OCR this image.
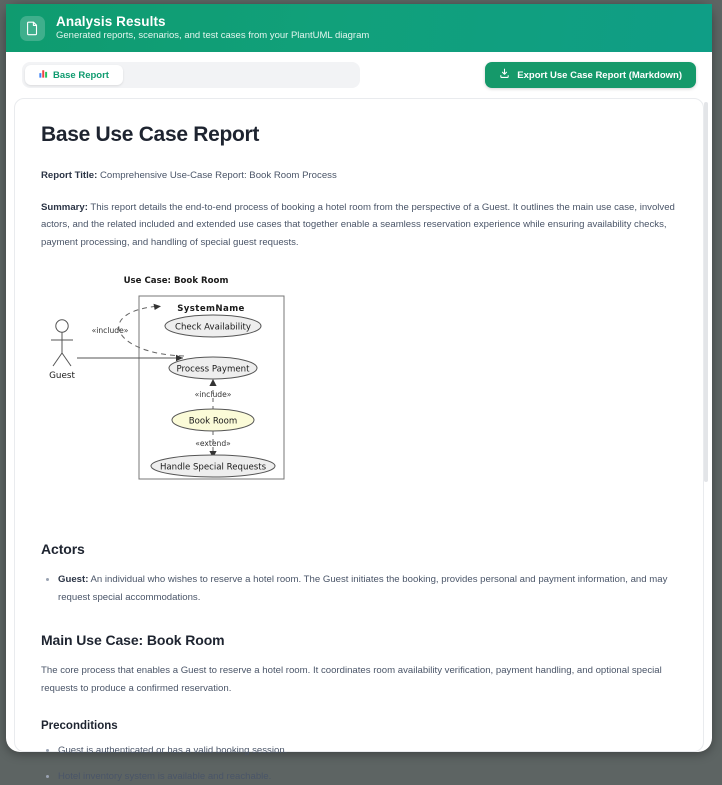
Analysis Results
Generated reports, scenarios, and test cases from your PlantUML diagram
Base Report	Export Use Case Report (Markdown)
Base Use Case Report

Report Title: Comprehensive Use-Case Report: Book Room Process

Summary: This report details the end-to-end process of booking a hotel room from the perspective of a Guest. It outlines the main use case, involved actors, and the related included and extended use cases that together enable a seamless reservation experience while ensuring availability checks, payment processing, and handling of special guest requests.

Use Case: Book Room
SystemName
Guest
«include»	Check Availability
Process Payment
«include»
Book Room
«extend»
Handle Special Requests
Actors
Guest: An individual who wishes to reserve a hotel room. The Guest initiates the booking, provides personal and payment information, and may request special accommodations.
Main Use Case: Book Room

The core process that enables a Guest to reserve a hotel room. It coordinates room availability verification, payment handling, and optional special requests to produce a confirmed reservation.

Preconditions
Guest is authenticated or has a valid booking session.
Hotel inventory system is available and reachable.
